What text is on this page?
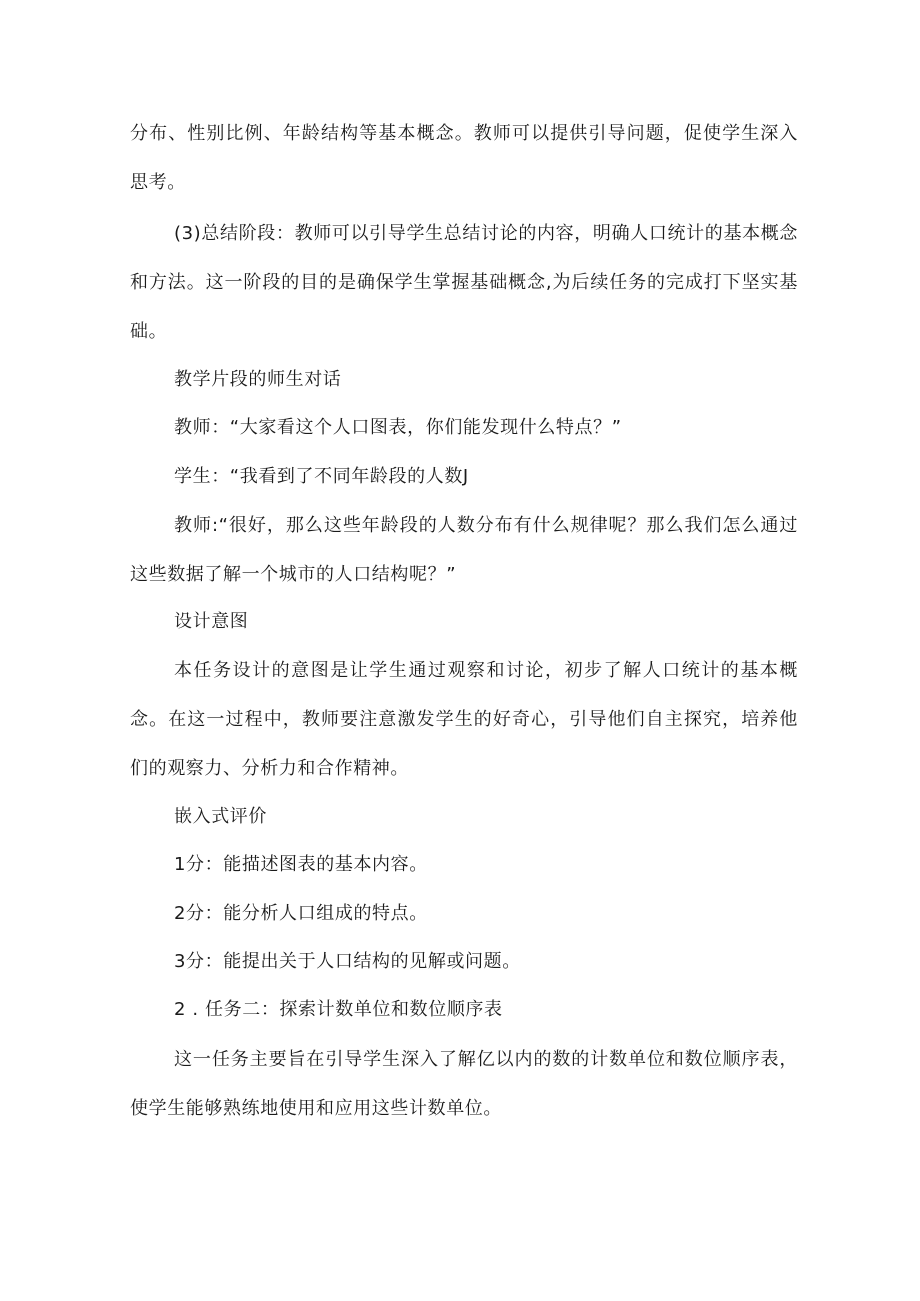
分布、性别比例、年龄结构等基本概念。教师可以提供引导问题，促使学生深入思考。
(3)总结阶段：教师可以引导学生总结讨论的内容，明确人口统计的基本概念和方法。这一阶段的目的是确保学生掌握基础概念,为后续任务的完成打下坚实基础。
教学片段的师生对话
教师：“大家看这个人口图表，你们能发现什么特点？”
学生：“我看到了不同年龄段的人数J
教师:“很好，那么这些年龄段的人数分布有什么规律呢？那么我们怎么通过这些数据了解一个城市的人口结构呢？”
设计意图
本任务设计的意图是让学生通过观察和讨论，初步了解人口统计的基本概念。在这一过程中，教师要注意激发学生的好奇心，引导他们自主探究，培养他们的观察力、分析力和合作精神。
嵌入式评价
1分：能描述图表的基本内容。
2分：能分析人口组成的特点。
3分：能提出关于人口结构的见解或问题。
2 . 任务二：探索计数单位和数位顺序表
这一任务主要旨在引导学生深入了解亿以内的数的计数单位和数位顺序表，使学生能够熟练地使用和应用这些计数单位。
